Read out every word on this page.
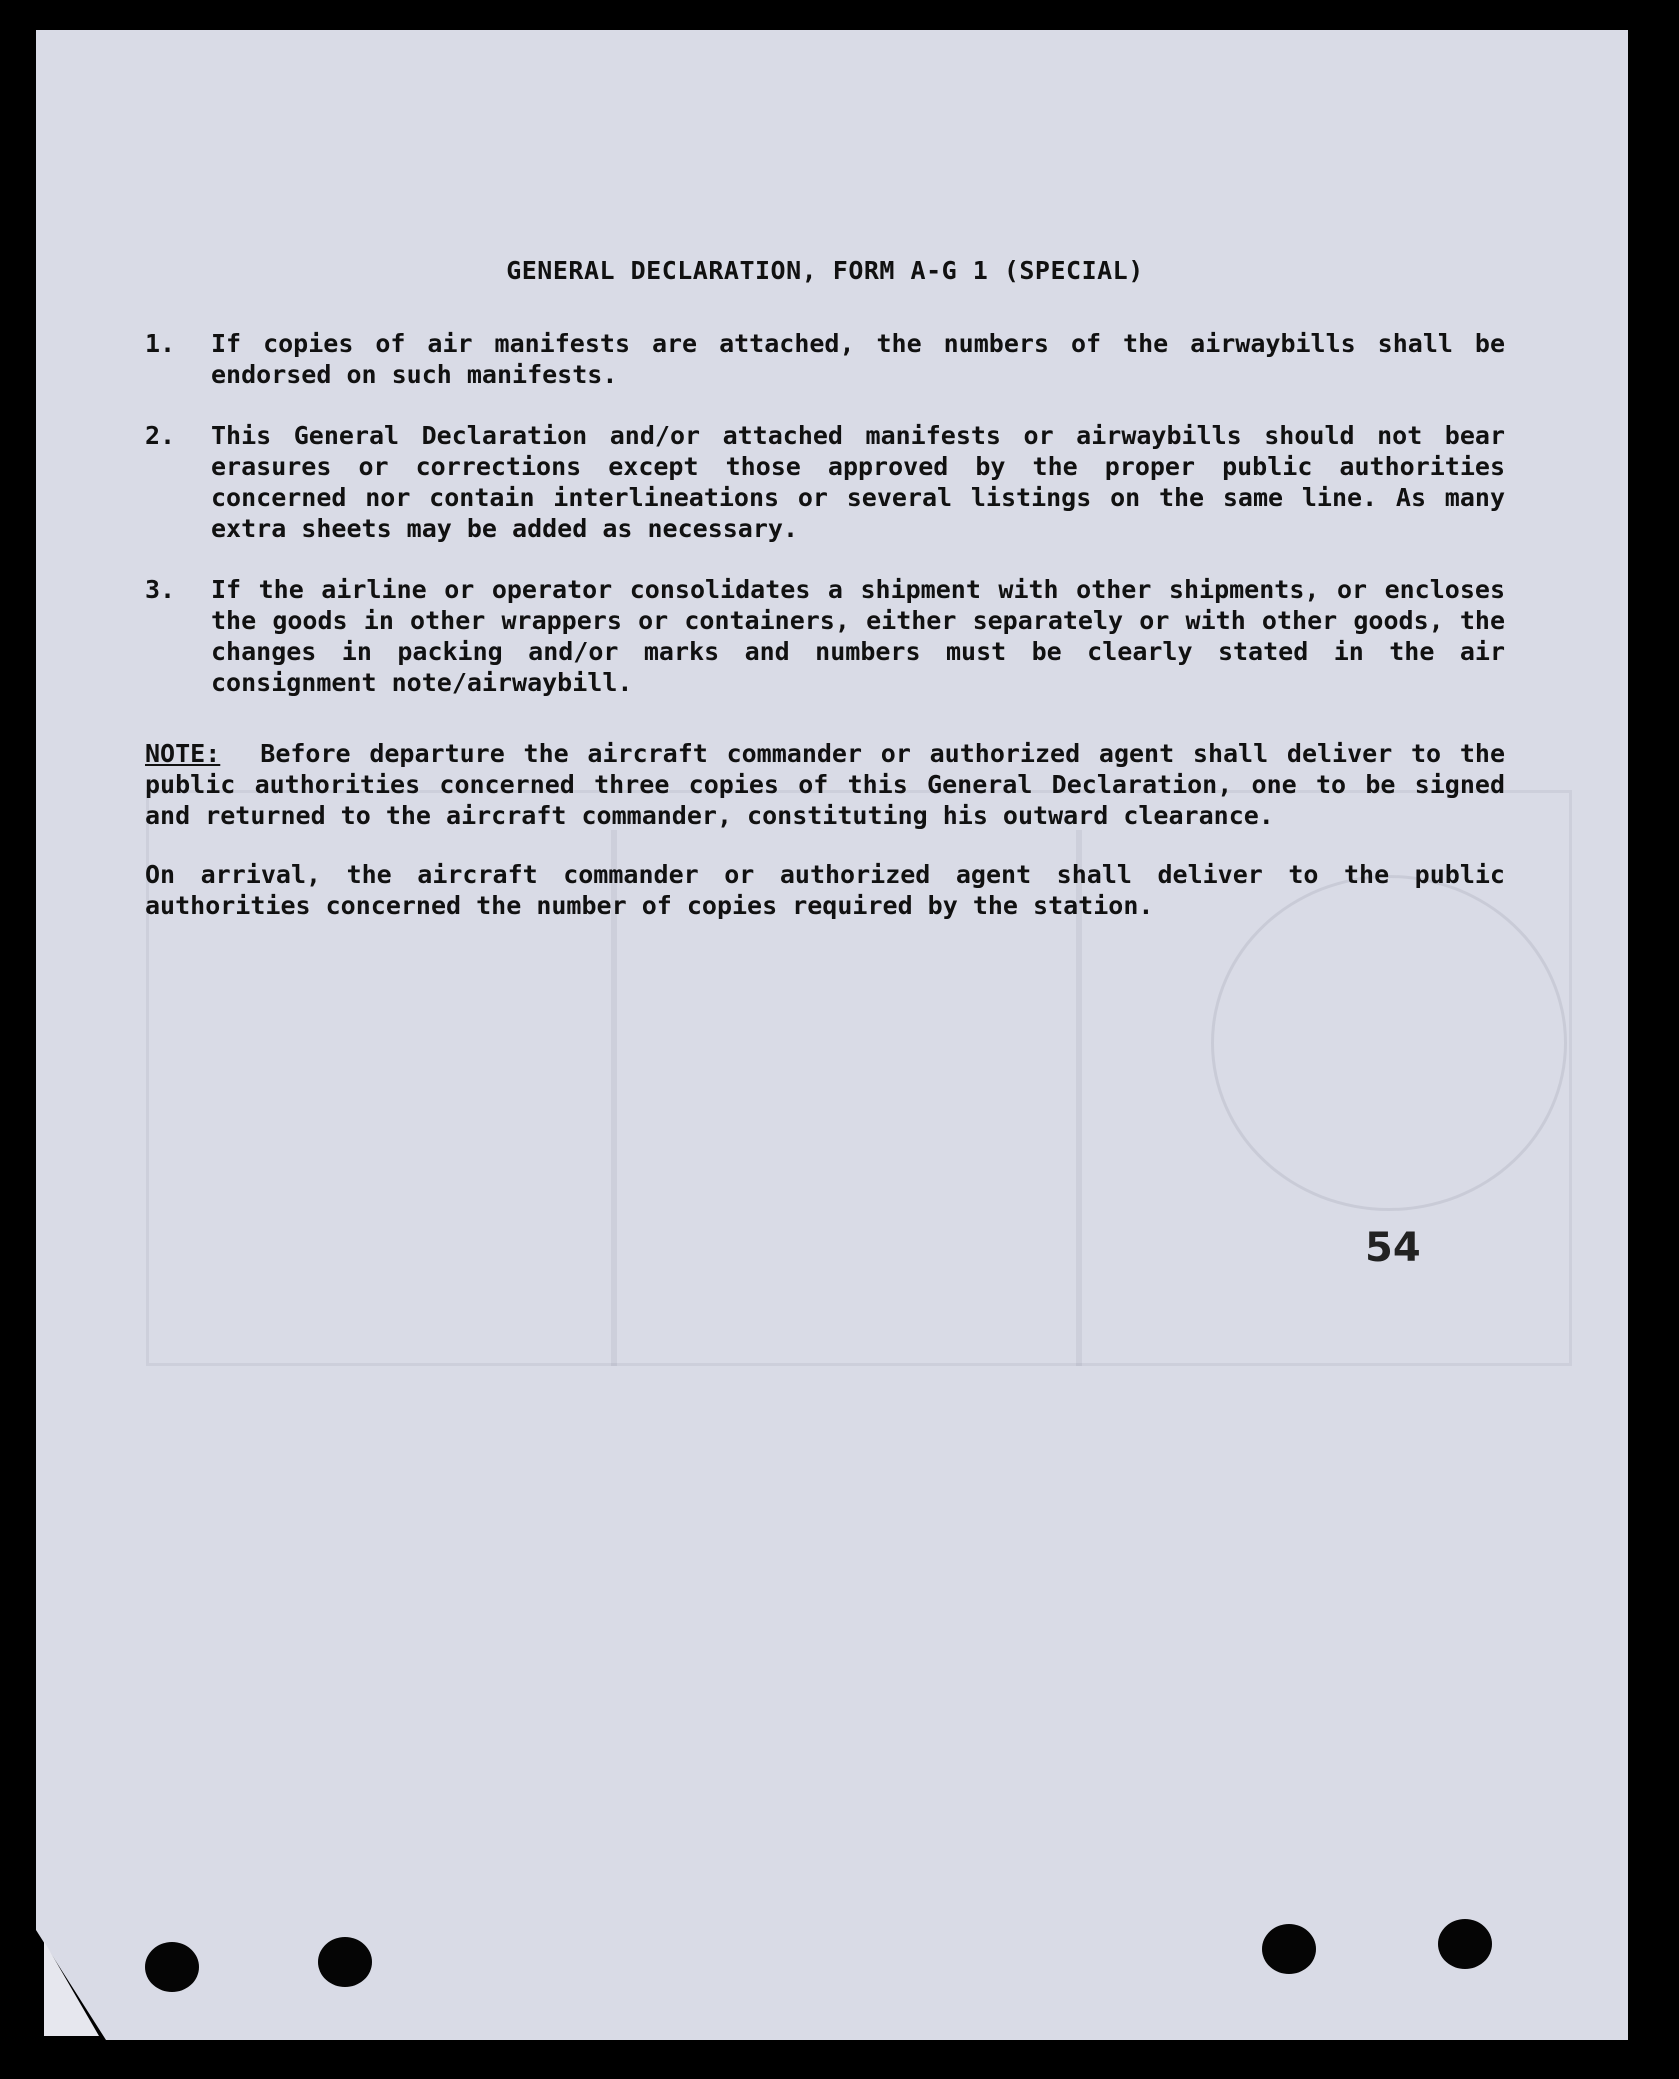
GENERAL DECLARATION, FORM A-G 1 (SPECIAL)
1.	If copies of air manifests are attached, the numbers of the airwaybills shall be endorsed on such manifests.
2.	This General Declaration and/or attached manifests or airwaybills should not bear erasures or corrections except those approved by the proper public authorities concerned nor contain interlineations or several listings on the same line. As many extra sheets may be added as necessary.
3.	If the airline or operator consolidates a shipment with other shipments, or encloses the goods in other wrappers or containers, either separately or with other goods, the changes in packing and/or marks and numbers must be clearly stated in the air consignment note/airwaybill.
NOTE: Before departure the aircraft commander or authorized agent shall deliver to the public authorities concerned three copies of this General Declaration, one to be signed and returned to the aircraft commander, constituting his outward clearance.
On arrival, the aircraft commander or authorized agent shall deliver to the public authorities concerned the number of copies required by the station.
54
